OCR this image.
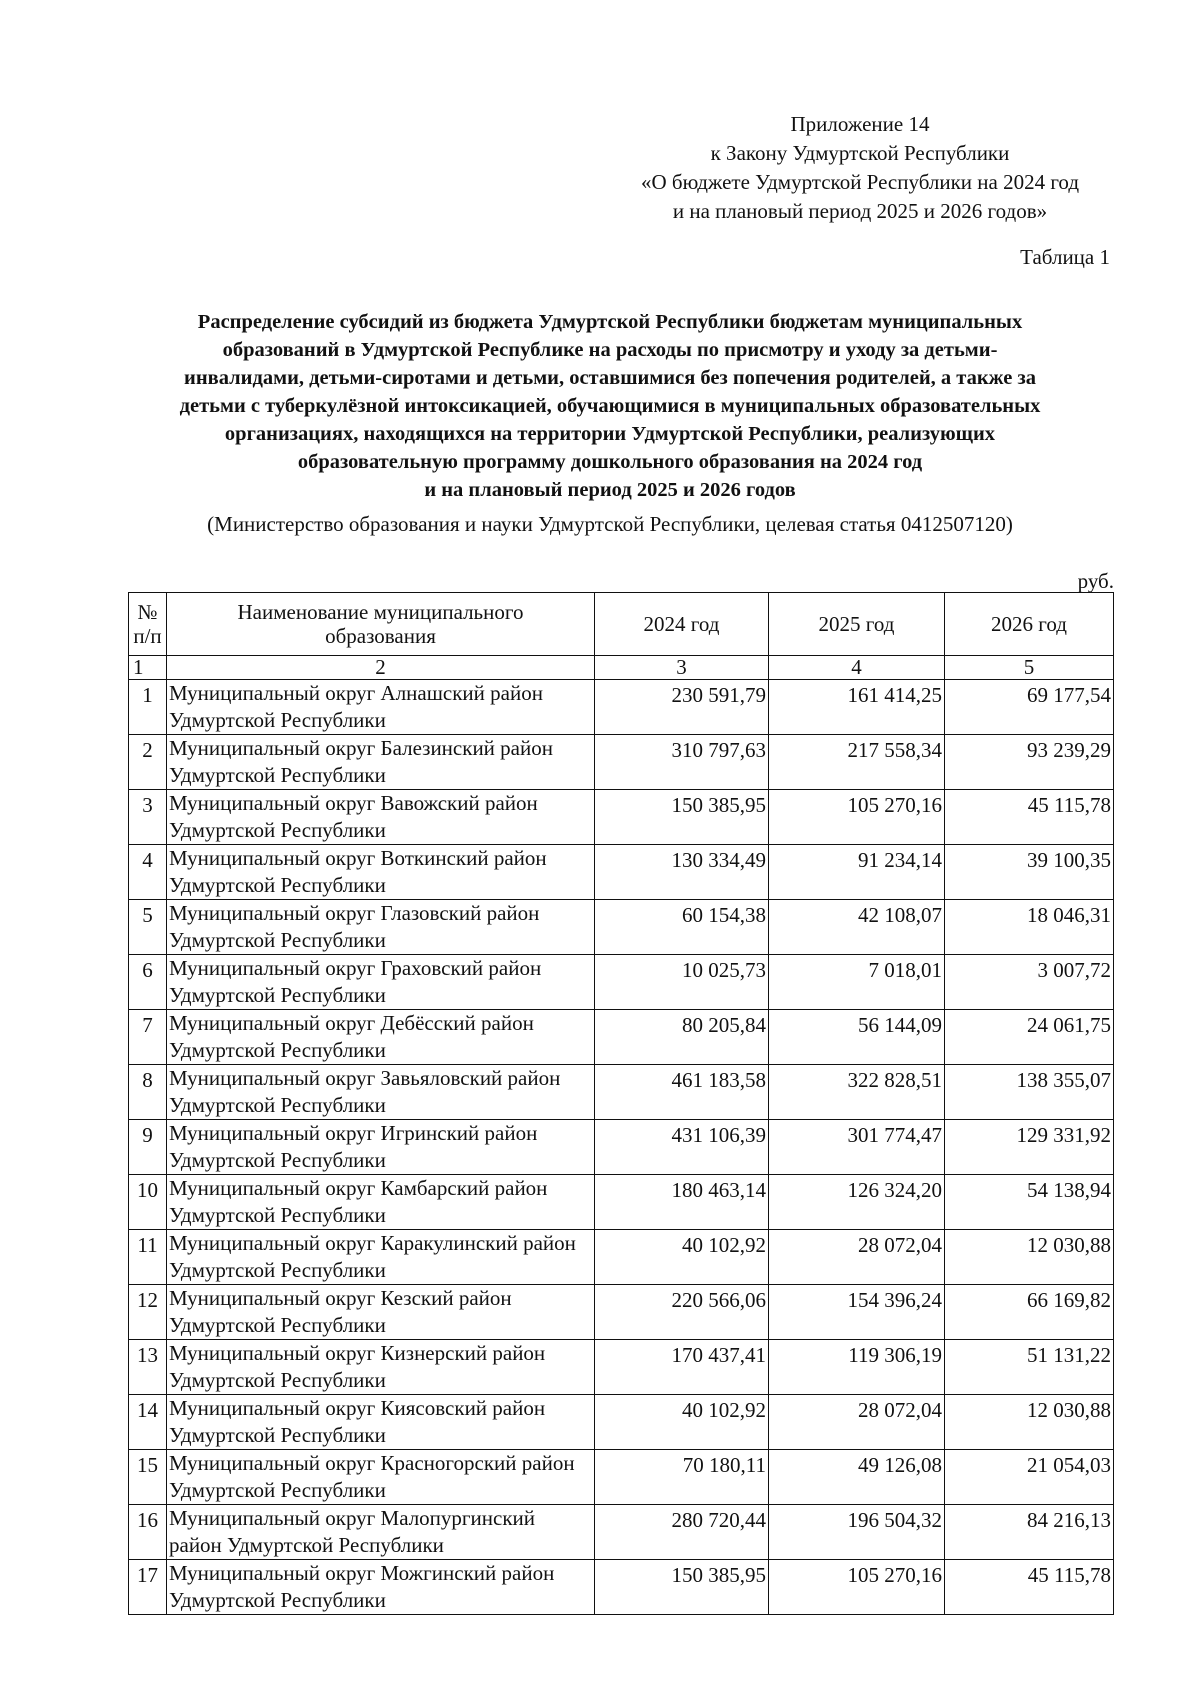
Приложение 14
к Закону Удмуртской Республики
«О бюджете Удмуртской Республики на 2024 год
и на плановый период 2025 и 2026 годов»
Таблица 1
Распределение субсидий из бюджета Удмуртской Республики бюджетам муниципальных
образований в Удмуртской Республике на расходы по присмотру и уходу за детьми-
инвалидами, детьми-сиротами и детьми, оставшимися без попечения родителей, а также за
детьми с туберкулёзной интоксикацией, обучающимися в муниципальных образовательных
организациях, находящихся на территории Удмуртской Республики, реализующих
образовательную программу дошкольного образования на 2024 год
и на плановый период 2025 и 2026 годов
(Министерство образования и науки Удмуртской Республики, целевая статья 0412507120)
руб.
№
п/п	Наименование муниципального образования	2024 год	2025 год	2026 год
1	2	3	4	5
1	Муниципальный округ Алнашский район Удмуртской Республики	230 591,79	161 414,25	69 177,54
2	Муниципальный округ Балезинский район Удмуртской Республики	310 797,63	217 558,34	93 239,29
3	Муниципальный округ Вавожский район Удмуртской Республики	150 385,95	105 270,16	45 115,78
4	Муниципальный округ Воткинский район Удмуртской Республики	130 334,49	91 234,14	39 100,35
5	Муниципальный округ Глазовский район Удмуртской Республики	60 154,38	42 108,07	18 046,31
6	Муниципальный округ Граховский район Удмуртской Республики	10 025,73	7 018,01	3 007,72
7	Муниципальный округ Дебёсский район Удмуртской Республики	80 205,84	56 144,09	24 061,75
8	Муниципальный округ Завьяловский район Удмуртской Республики	461 183,58	322 828,51	138 355,07
9	Муниципальный округ Игринский район Удмуртской Республики	431 106,39	301 774,47	129 331,92
10	Муниципальный округ Камбарский район Удмуртской Республики	180 463,14	126 324,20	54 138,94
11	Муниципальный округ Каракулинский район Удмуртской Республики	40 102,92	28 072,04	12 030,88
12	Муниципальный округ Кезский район Удмуртской Республики	220 566,06	154 396,24	66 169,82
13	Муниципальный округ Кизнерский район Удмуртской Республики	170 437,41	119 306,19	51 131,22
14	Муниципальный округ Киясовский район Удмуртской Республики	40 102,92	28 072,04	12 030,88
15	Муниципальный округ Красногорский район Удмуртской Республики	70 180,11	49 126,08	21 054,03
16	Муниципальный округ Малопургинский район Удмуртской Республики	280 720,44	196 504,32	84 216,13
17	Муниципальный округ Можгинский район Удмуртской Республики	150 385,95	105 270,16	45 115,78
